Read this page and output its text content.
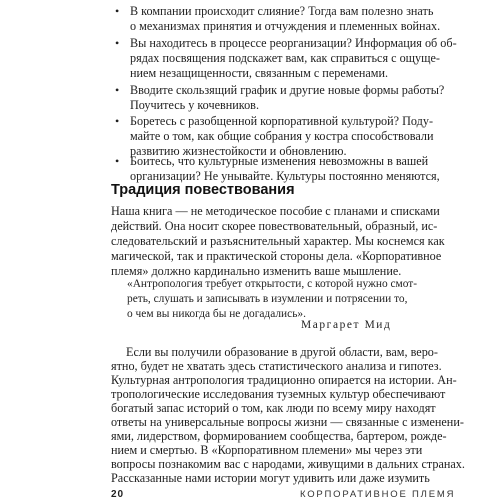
• В компании происходит слияние? Тогда вам полезно знать
о механизмах принятия и отчуждения и племенных войнах.
• Вы находитесь в процессе реорганизации? Информация об об-
рядах посвящения подскажет вам, как справиться с ощуще-
нием незащищенности, связанным с переменами.
• Вводите скользящий график и другие новые формы работы?
Поучитесь у кочевников.
• Боретесь с разобщенной корпоративной культурой? Поду-
майте о том, как общие собрания у костра способствовали
развитию жизнестойкости и обновлению.
• Боитесь, что культурные изменения невозможны в вашей
организации? Не унывайте. Культуры постоянно меняются,
Традиция повествования
Наша книга — не методическое пособие с планами и списками
действий. Она носит скорее повествовательный, образный, ис-
следовательский и разъяснительный характер. Мы коснемся как
магической, так и практической стороны дела. «Корпоративное
племя» должно кардинально изменить ваше мышление.
«Антропология требует открытости, с которой нужно смот-
реть, слушать и записывать в изумлении и потрясении то,
о чем вы никогда бы не догадались».
Маргарет Мид
Если вы получили образование в другой области, вам, веро-
ятно, будет не хватать здесь статистического анализа и гипотез.
Культурная антропология традиционно опирается на истории. Ан-
тропологические исследования туземных культур обеспечивают
богатый запас историй о том, как люди по всему миру находят
ответы на универсальные вопросы жизни — связанные с изменени-
ями, лидерством, формированием сообщества, бартером, рожде-
нием и смертью. В «Корпоративном племени» мы через эти
вопросы познакомим вас с народами, живущими в дальних странах.
Рассказанные нами истории могут удивить или даже изумить
20	КОРПОРАТИВНОЕ ПЛЕМЯ
